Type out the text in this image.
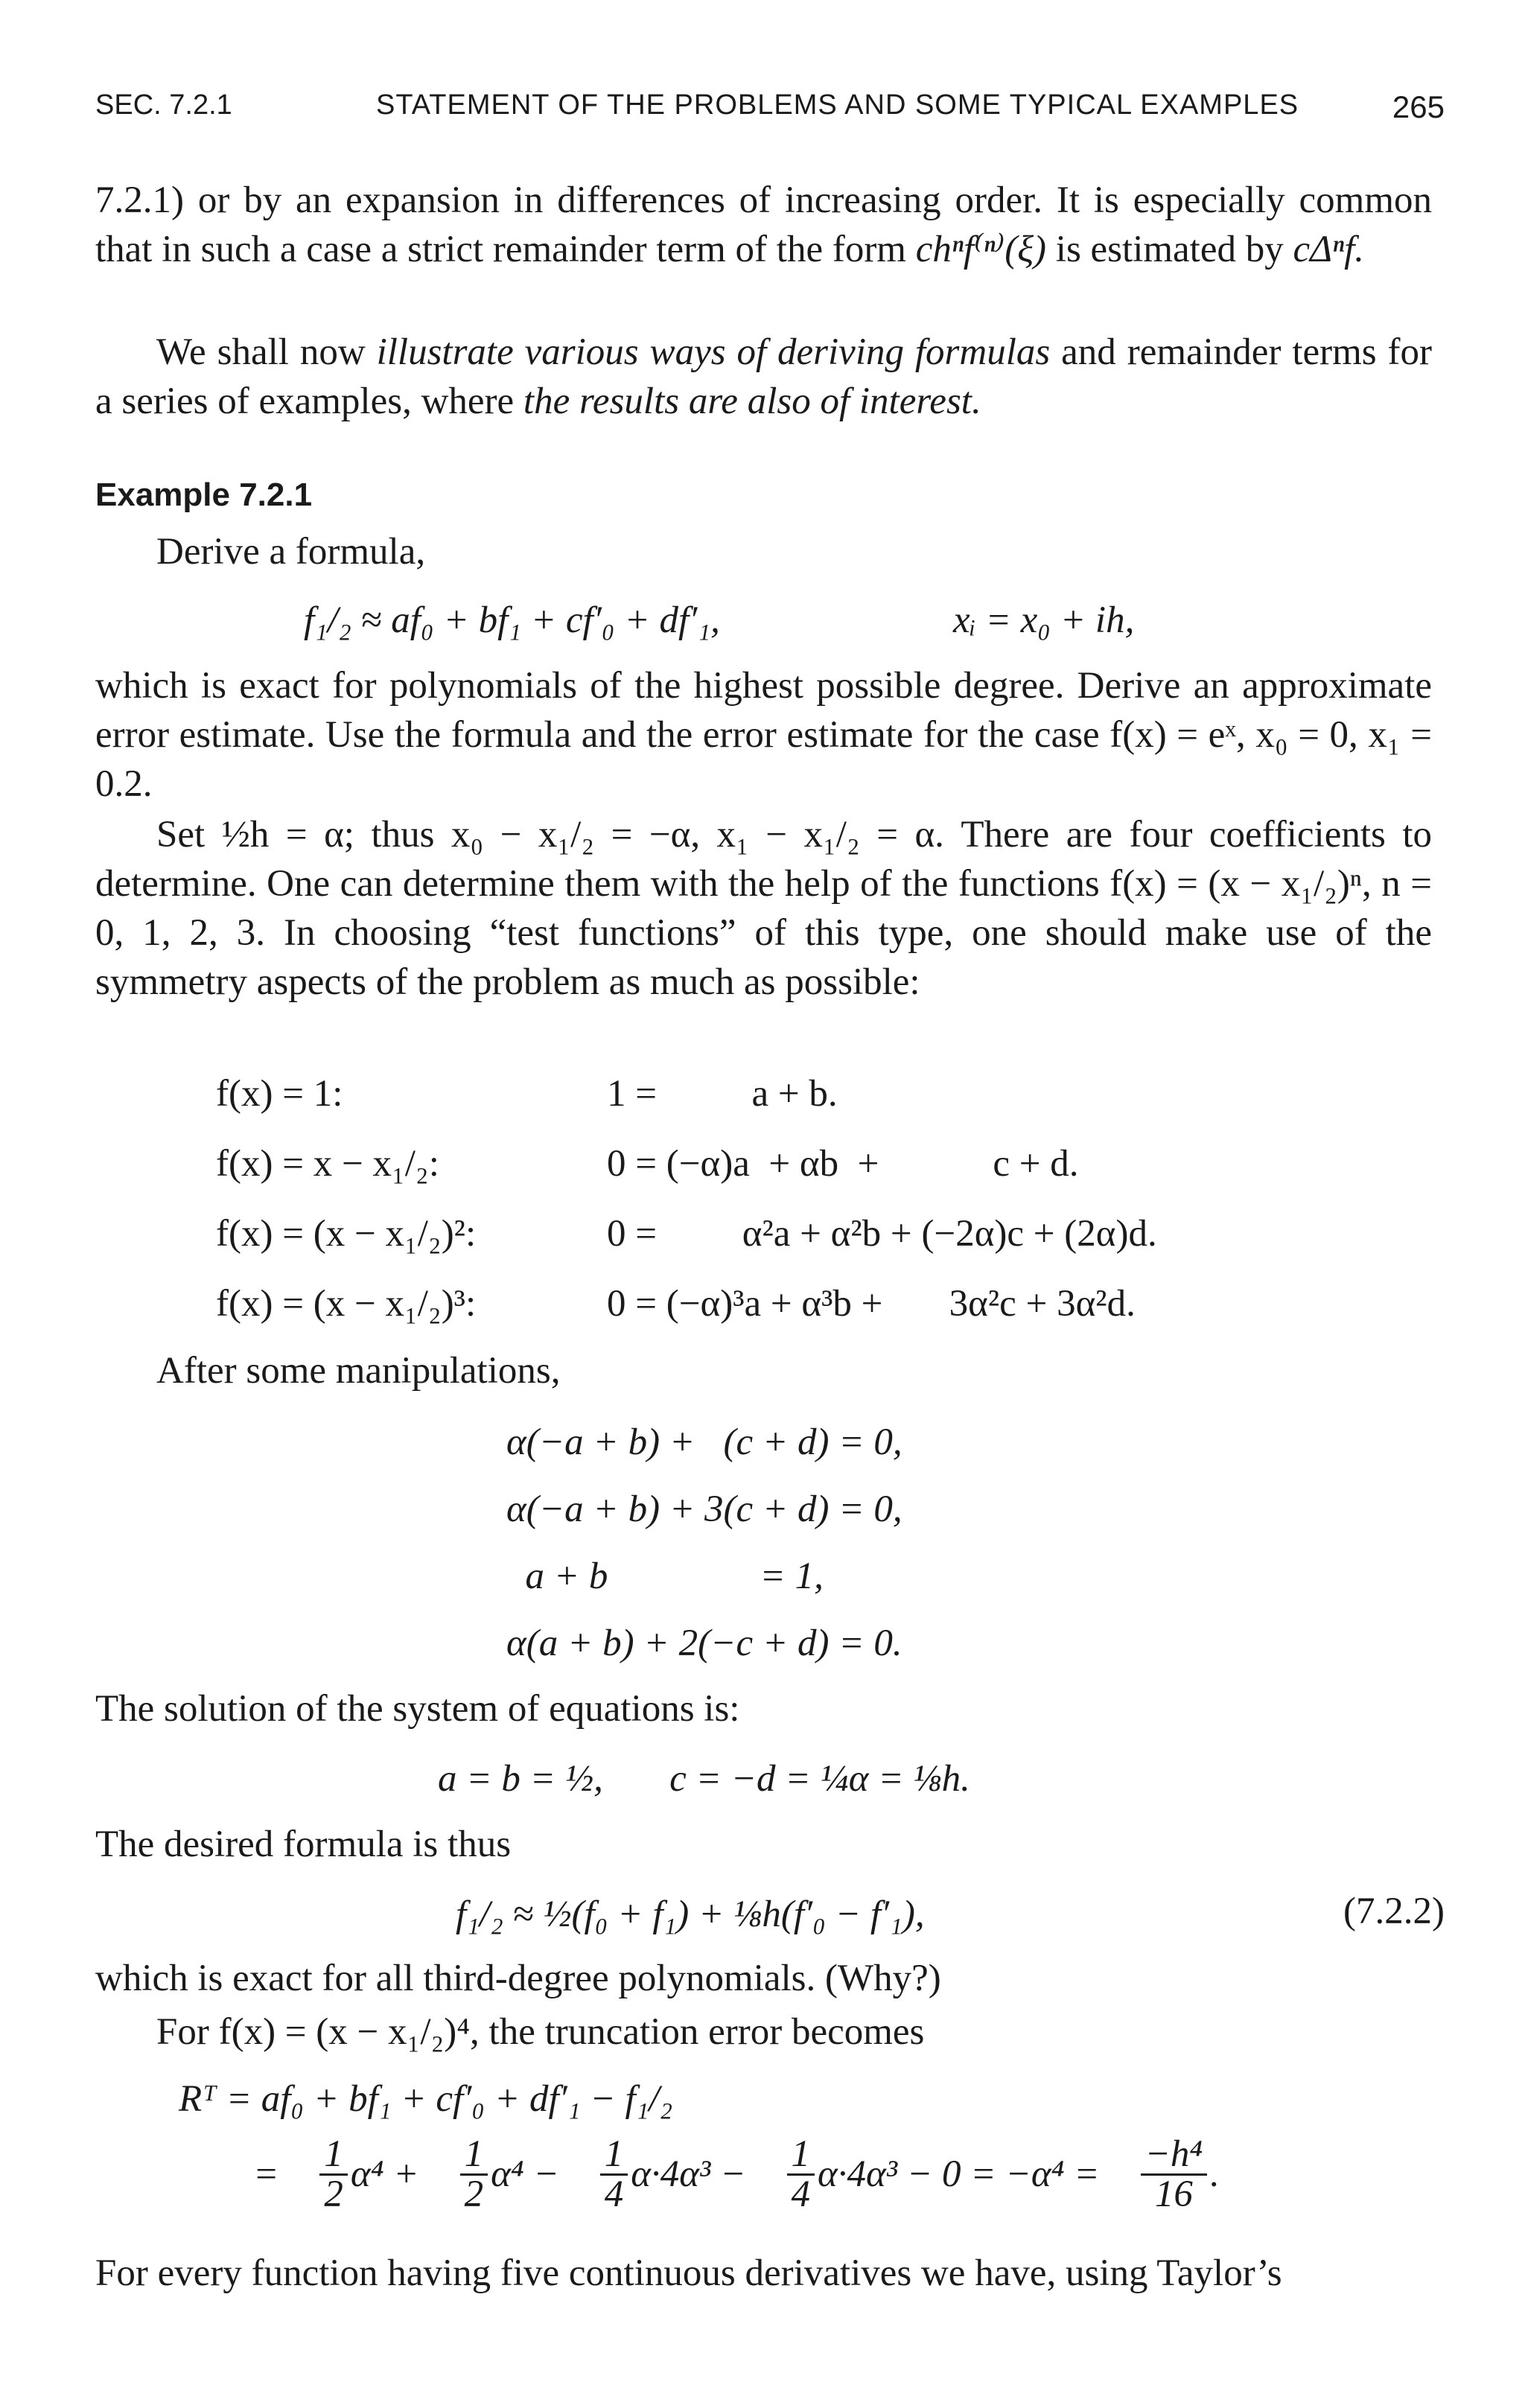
SEC. 7.2.1	STATEMENT OF THE PROBLEMS AND SOME TYPICAL EXAMPLES	265

7.2.1) or by an expansion in differences of increasing order. It is especially common that in such a case a strict remainder term of the form chⁿf⁽ⁿ⁾(ξ) is estimated by cΔⁿf.

We shall now illustrate various ways of deriving formulas and remainder terms for a series of examples, where the results are also of interest.

Example 7.2.1
Derive a formula,
f₁/₂ ≈ af₀ + bf₁ + cf′₀ + df′₁,	xᵢ = x₀ + ih,

which is exact for polynomials of the highest possible degree. Derive an approximate error estimate. Use the formula and the error estimate for the case f(x) = eˣ, x₀ = 0, x₁ = 0.2.

Set ½h = α; thus x₀ − x₁/₂ = −α, x₁ − x₁/₂ = α. There are four coefficients to determine. One can determine them with the help of the functions f(x) = (x − x₁/₂)ⁿ, n = 0, 1, 2, 3. In choosing “test functions” of this type, one should make use of the symmetry aspects of the problem as much as possible:

f(x) = 1:	1 =          a + b.
f(x) = x − x₁/₂:	0 = (−α)a  + αb  +            c + d.
f(x) = (x − x₁/₂)²:	0 =         α²a + α²b + (−2α)c + (2α)d.
f(x) = (x − x₁/₂)³:	0 = (−α)³a + α³b +       3α²c + 3α²d.
After some manipulations,
α(−a + b) +   (c + d) = 0,
α(−a + b) + 3(c + d) = 0,
a + b                = 1,
α(a + b) + 2(−c + d) = 0.
The solution of the system of equations is:
a = b = ½,       c = −d = ¼α = ⅛h.
The desired formula is thus
f₁/₂ ≈ ½(f₀ + f₁) + ⅛h(f′₀ − f′₁),	(7.2.2)
which is exact for all third-degree polynomials. (Why?)
For f(x) = (x − x₁/₂)⁴, the truncation error becomes
Rᵀ = af₀ + bf₁ + cf′₀ + df′₁ − f₁/₂
=

$\frac{1}{2} \alpha^4$ +

$\frac{1}{2} \alpha^4$ −

$\frac{1}{4} \alpha\cdot 4\alpha^3$ −

$\frac{1}{4} \alpha\cdot 4\alpha^3 - 0 = -\alpha^4$ =

$\frac{\text{−h⁴}}{16}$ .
For every function having five continuous derivatives we have, using Taylor’s
